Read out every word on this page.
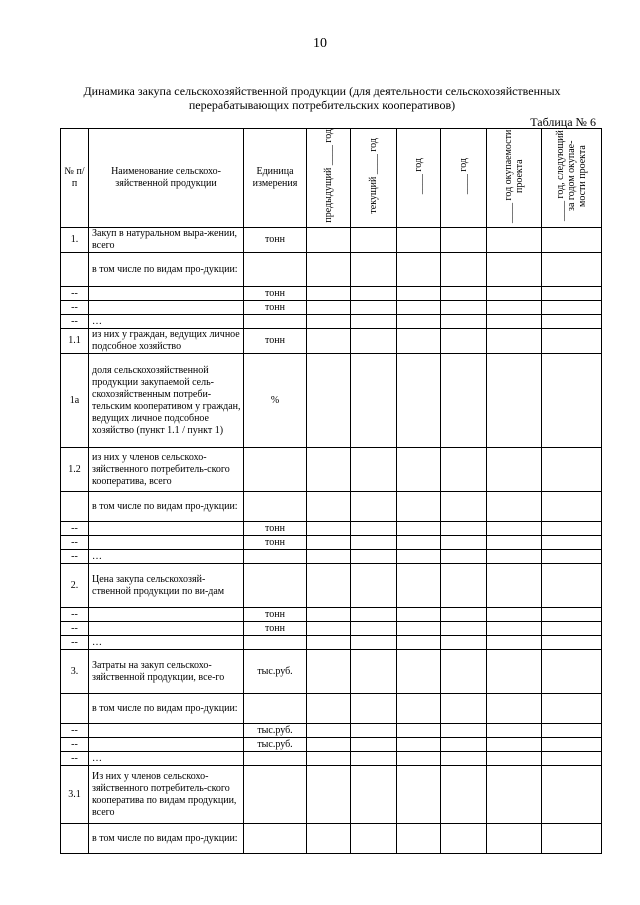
10
Динамика закупа сельскохозяйственной продукции (для деятельности сельскохозяйственных перерабатывающих потребительских кооперативов)
Таблица № 6
№ п/п	Наименование сельскохо-зяйственной продукции	Единица измерения	предыдущий ____ год	текущий ____ год	____ год	____ год	____ год окупаемости проекта	____ год, следующий за годом окупае-мости проекта
1.	Закуп в натуральном выра-жении, всего	тонн						
	в том числе по видам про-дукции:							
--		тонн						
--		тонн						
--	…							
1.1	из них у граждан, ведущих личное подсобное хозяйство	тонн						
1а	доля сельскохозяйственной продукции закупаемой сель-скохозяйственным потреби-тельским кооперативом у граждан, ведущих личное подсобное хозяйство (пункт 1.1 / пункт 1)	%						
1.2	из них у членов сельскохо-зяйственного потребитель-ского кооператива, всего							
	в том числе по видам про-дукции:							
--		тонн						
--		тонн						
--	…							
2.	Цена закупа сельскохозяй-ственной продукции по ви-дам							
--		тонн						
--		тонн						
--	…							
3.	Затраты на закуп сельскохо-зяйственной продукции, все-го	тыс.руб.						
	в том числе по видам про-дукции:							
--		тыс.руб.						
--		тыс.руб.						
--	…							
3.1	Из них у членов сельскохо-зяйственного потребитель-ского кооператива по видам продукции, всего							
	в том числе по видам про-дукции:							
